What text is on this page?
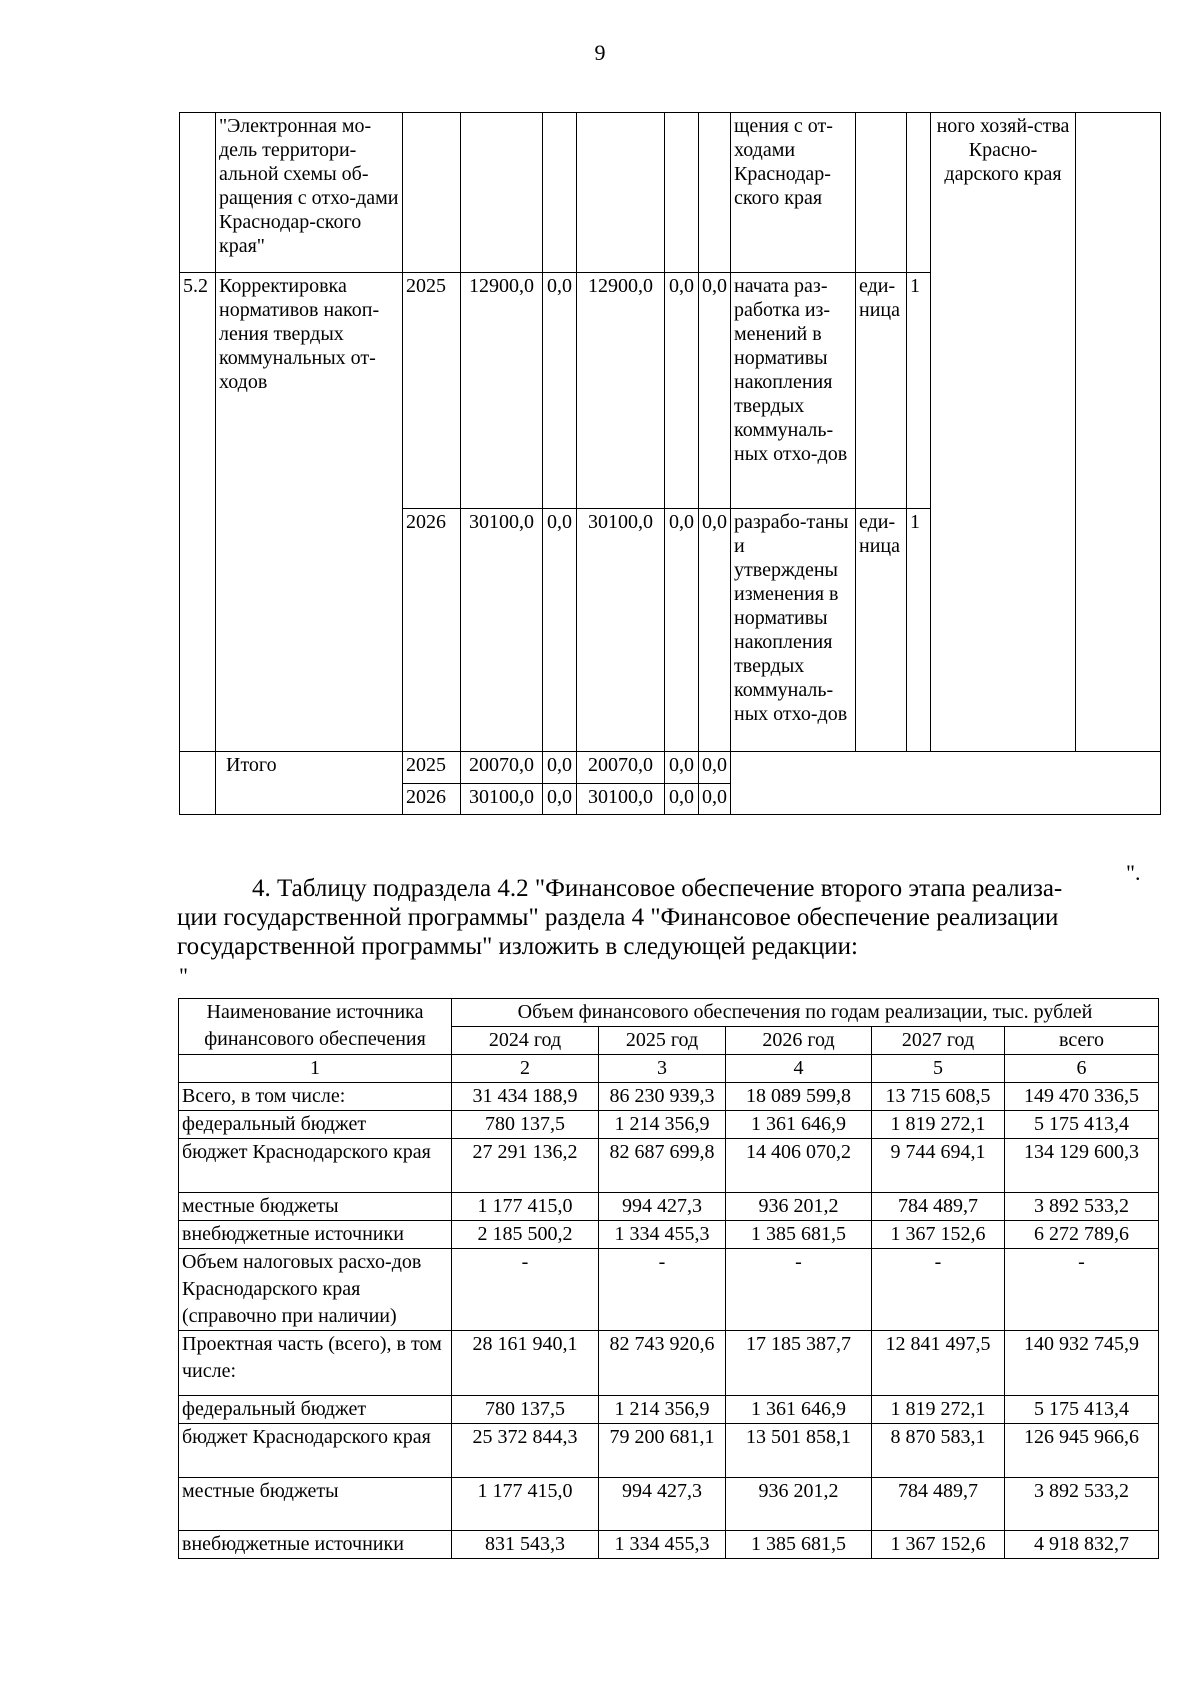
9
	"Электронная мо-дель территори-альной схемы об-ращения с отхо-дами Краснодар-ского края"							щения с от-ходами Краснодар-ского края			ного хозяй-ства Красно-дарского края	
5.2	Корректировка нормативов накоп-ления твердых коммунальных от-ходов	2025	12900,0	0,0	12900,0	0,0	0,0	начата раз-работка из-менений в нормативы накопления твердых коммуналь-ных отхо-дов	еди-ница	1		
		2026	30100,0	0,0	30100,0	0,0	0,0	разрабо-таны и утверждены изменения в нормативы накопления твердых коммуналь-ных отхо-дов	еди-ница	1		
	Итого	2025	20070,0	0,0	20070,0	0,0	0,0					
		2026	30100,0	0,0	30100,0	0,0	0,0					
".

4. Таблицу подраздела 4.2 "Финансовое обеспечение второго этапа реализа-

ции государственной программы" раздела 4 "Финансовое обеспечение реализации

государственной программы" изложить в следующей редакции:

"
Наименование источника финансового обеспечения	Объем финансового обеспечения по годам реализации, тыс. рублей				
	2024 год	2025 год	2026 год	2027 год	всего
1	2	3	4	5	6
Всего, в том числе:	31 434 188,9	86 230 939,3	18 089 599,8	13 715 608,5	149 470 336,5
федеральный бюджет	780 137,5	1 214 356,9	1 361 646,9	1 819 272,1	5 175 413,4
бюджет Краснодарского края	27 291 136,2	82 687 699,8	14 406 070,2	9 744 694,1	134 129 600,3
местные бюджеты	1 177 415,0	994 427,3	936 201,2	784 489,7	3 892 533,2
внебюджетные источники	2 185 500,2	1 334 455,3	1 385 681,5	1 367 152,6	6 272 789,6
Объем налоговых расхо-дов Краснодарского края (справочно при наличии)	-	-	-	-	-
Проектная часть (всего), в том числе:	28 161 940,1	82 743 920,6	17 185 387,7	12 841 497,5	140 932 745,9
федеральный бюджет	780 137,5	1 214 356,9	1 361 646,9	1 819 272,1	5 175 413,4
бюджет Краснодарского края	25 372 844,3	79 200 681,1	13 501 858,1	8 870 583,1	126 945 966,6
местные бюджеты	1 177 415,0	994 427,3	936 201,2	784 489,7	3 892 533,2
внебюджетные источники	831 543,3	1 334 455,3	1 385 681,5	1 367 152,6	4 918 832,7
